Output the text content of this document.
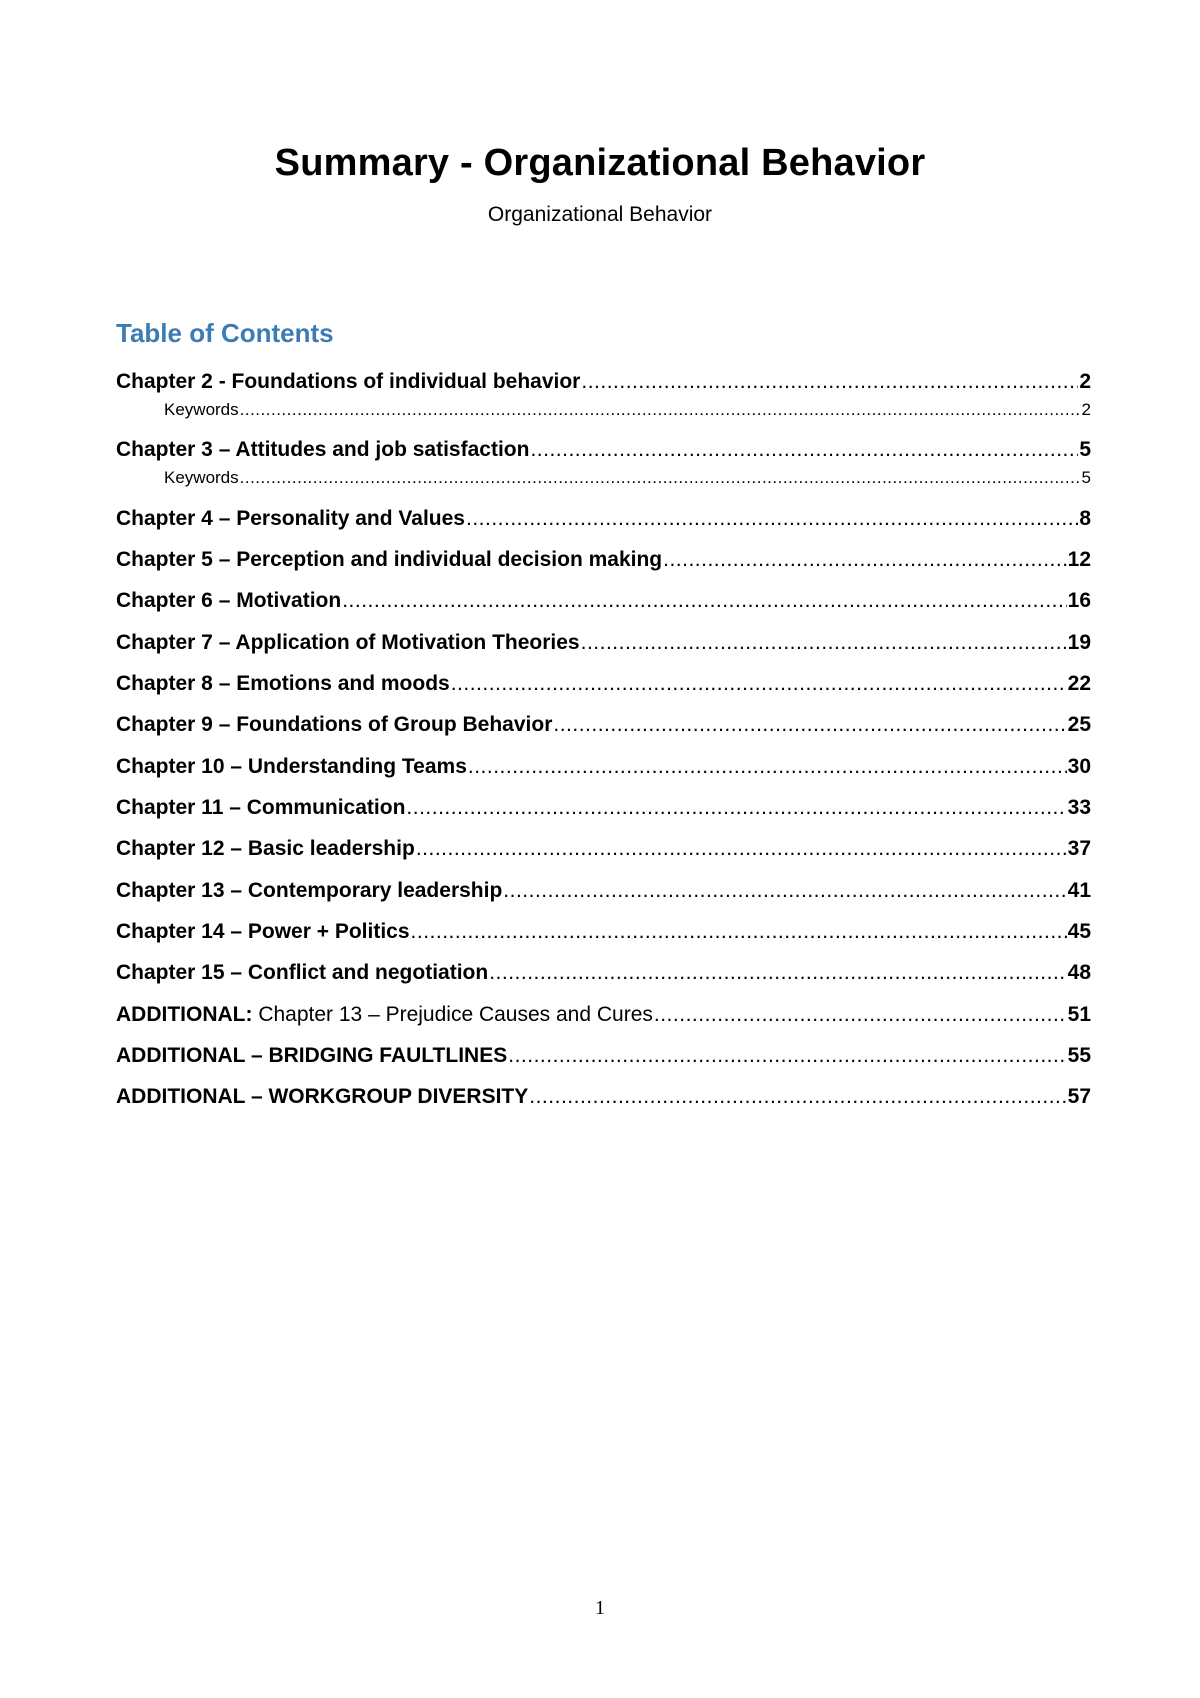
Summary - Organizational Behavior

Organizational Behavior

Table of Contents
Chapter 2 - Foundations of individual behavior .....	2
Keywords .....	2
Chapter 3 – Attitudes and job satisfaction .....	5
Keywords .....	5
Chapter 4 – Personality and Values .....	8
Chapter 5 – Perception and individual decision making .....	12
Chapter 6 – Motivation .....	16
Chapter 7 – Application of Motivation Theories .....	19
Chapter 8 – Emotions and moods .....	22
Chapter 9 – Foundations of Group Behavior .....	25
Chapter 10 – Understanding Teams .....	30
Chapter 11 – Communication .....	33
Chapter 12 – Basic leadership .....	37
Chapter 13 – Contemporary leadership .....	41
Chapter 14 – Power + Politics .....	45
Chapter 15 – Conflict and negotiation .....	48
ADDITIONAL: Chapter 13 – Prejudice Causes and Cures .....	51
ADDITIONAL – BRIDGING FAULTLINES .....	55
ADDITIONAL – WORKGROUP DIVERSITY .....	57

1
